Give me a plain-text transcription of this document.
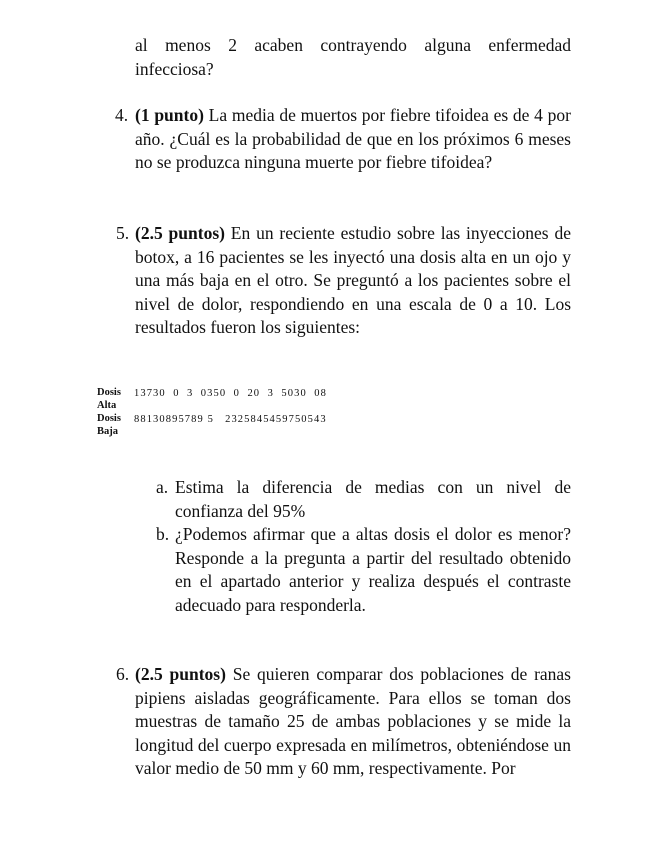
al menos 2 acaben contrayendo alguna enfermedad infecciosa?

4. (1 punto) La media de muertos por fiebre tifoidea es de 4 por año. ¿Cuál es la probabilidad de que en los próximos 6 meses no se produzca ninguna muerte por fiebre tifoidea?

5. (2.5 puntos) En un reciente estudio sobre las inyecciones de botox, a 16 pacientes se les inyectó una dosis alta en un ojo y una más baja en el otro. Se preguntó a los pacientes sobre el nivel de dolor, respondiendo en una escala de 0 a 10. Los resultados fueron los siguientes:

Dosis Alta
13730  0  3  0350  0  20  3  5030  08
Dosis Baja
88130895789 5   2325845459750543
a. Estima la diferencia de medias con un nivel de confianza del 95%

b. ¿Podemos afirmar que a altas dosis el dolor es menor? Responde a la pregunta a partir del resultado obtenido en el apartado anterior y realiza después el contraste adecuado para responderla.

6. (2.5 puntos) Se quieren comparar dos poblaciones de ranas pipiens aisladas geográficamente. Para ellos se toman dos muestras de tamaño 25 de ambas poblaciones y se mide la longitud del cuerpo expresada en milímetros, obteniéndose un valor medio de 50 mm y 60 mm, respectivamente. Por
